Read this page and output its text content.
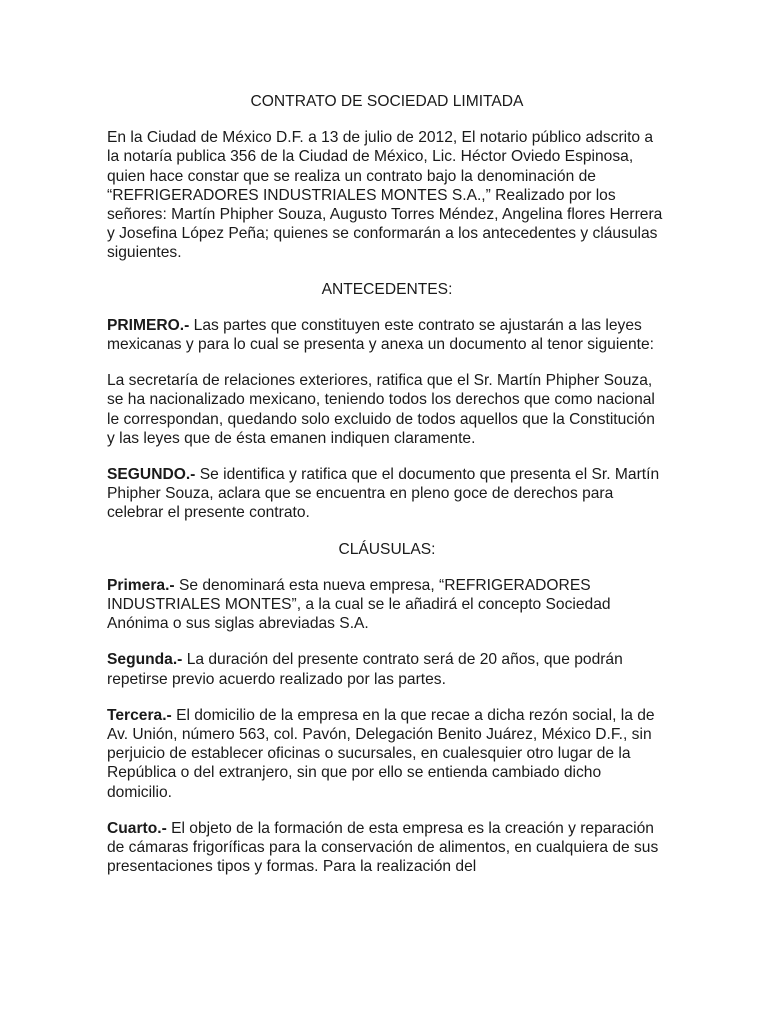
CONTRATO DE SOCIEDAD LIMITADA

En la Ciudad de México D.F. a 13 de julio de 2012, El notario público adscrito a la notaría publica 356 de la Ciudad de México, Lic. Héctor Oviedo Espinosa, quien hace constar que se realiza un contrato bajo la denominación de “REFRIGERADORES INDUSTRIALES MONTES S.A.,” Realizado por los señores: Martín Phipher Souza, Augusto Torres Méndez, Angelina flores Herrera y Josefina López Peña; quienes se conformarán a los antecedentes y cláusulas siguientes.

ANTECEDENTES:

PRIMERO.- Las partes que constituyen este contrato se ajustarán a las leyes mexicanas y para lo cual se presenta y anexa un documento al tenor siguiente:

La secretaría de relaciones exteriores, ratifica que el Sr. Martín Phipher Souza, se ha nacionalizado mexicano, teniendo todos los derechos que como nacional le correspondan, quedando solo excluido de todos aquellos que la Constitución y las leyes que de ésta emanen indiquen claramente.

SEGUNDO.- Se identifica y ratifica que el documento que presenta el Sr. Martín Phipher Souza, aclara que se encuentra en pleno goce de derechos para celebrar el presente contrato.

CLÁUSULAS:

Primera.- Se denominará esta nueva empresa, “REFRIGERADORES INDUSTRIALES MONTES”, a la cual se le añadirá el concepto Sociedad Anónima o sus siglas abreviadas S.A.

Segunda.- La duración del presente contrato será de 20 años, que podrán repetirse previo acuerdo realizado por las partes.

Tercera.- El domicilio de la empresa en la que recae a dicha rezón social, la de Av. Unión, número 563, col. Pavón, Delegación Benito Juárez, México D.F., sin perjuicio de establecer oficinas o sucursales, en cualesquier otro lugar de la República o del extranjero, sin que por ello se entienda cambiado dicho domicilio.

Cuarto.- El objeto de la formación de esta empresa es la creación y reparación de cámaras frigoríficas para la conservación de alimentos, en cualquiera de sus presentaciones tipos y formas. Para la realización del
